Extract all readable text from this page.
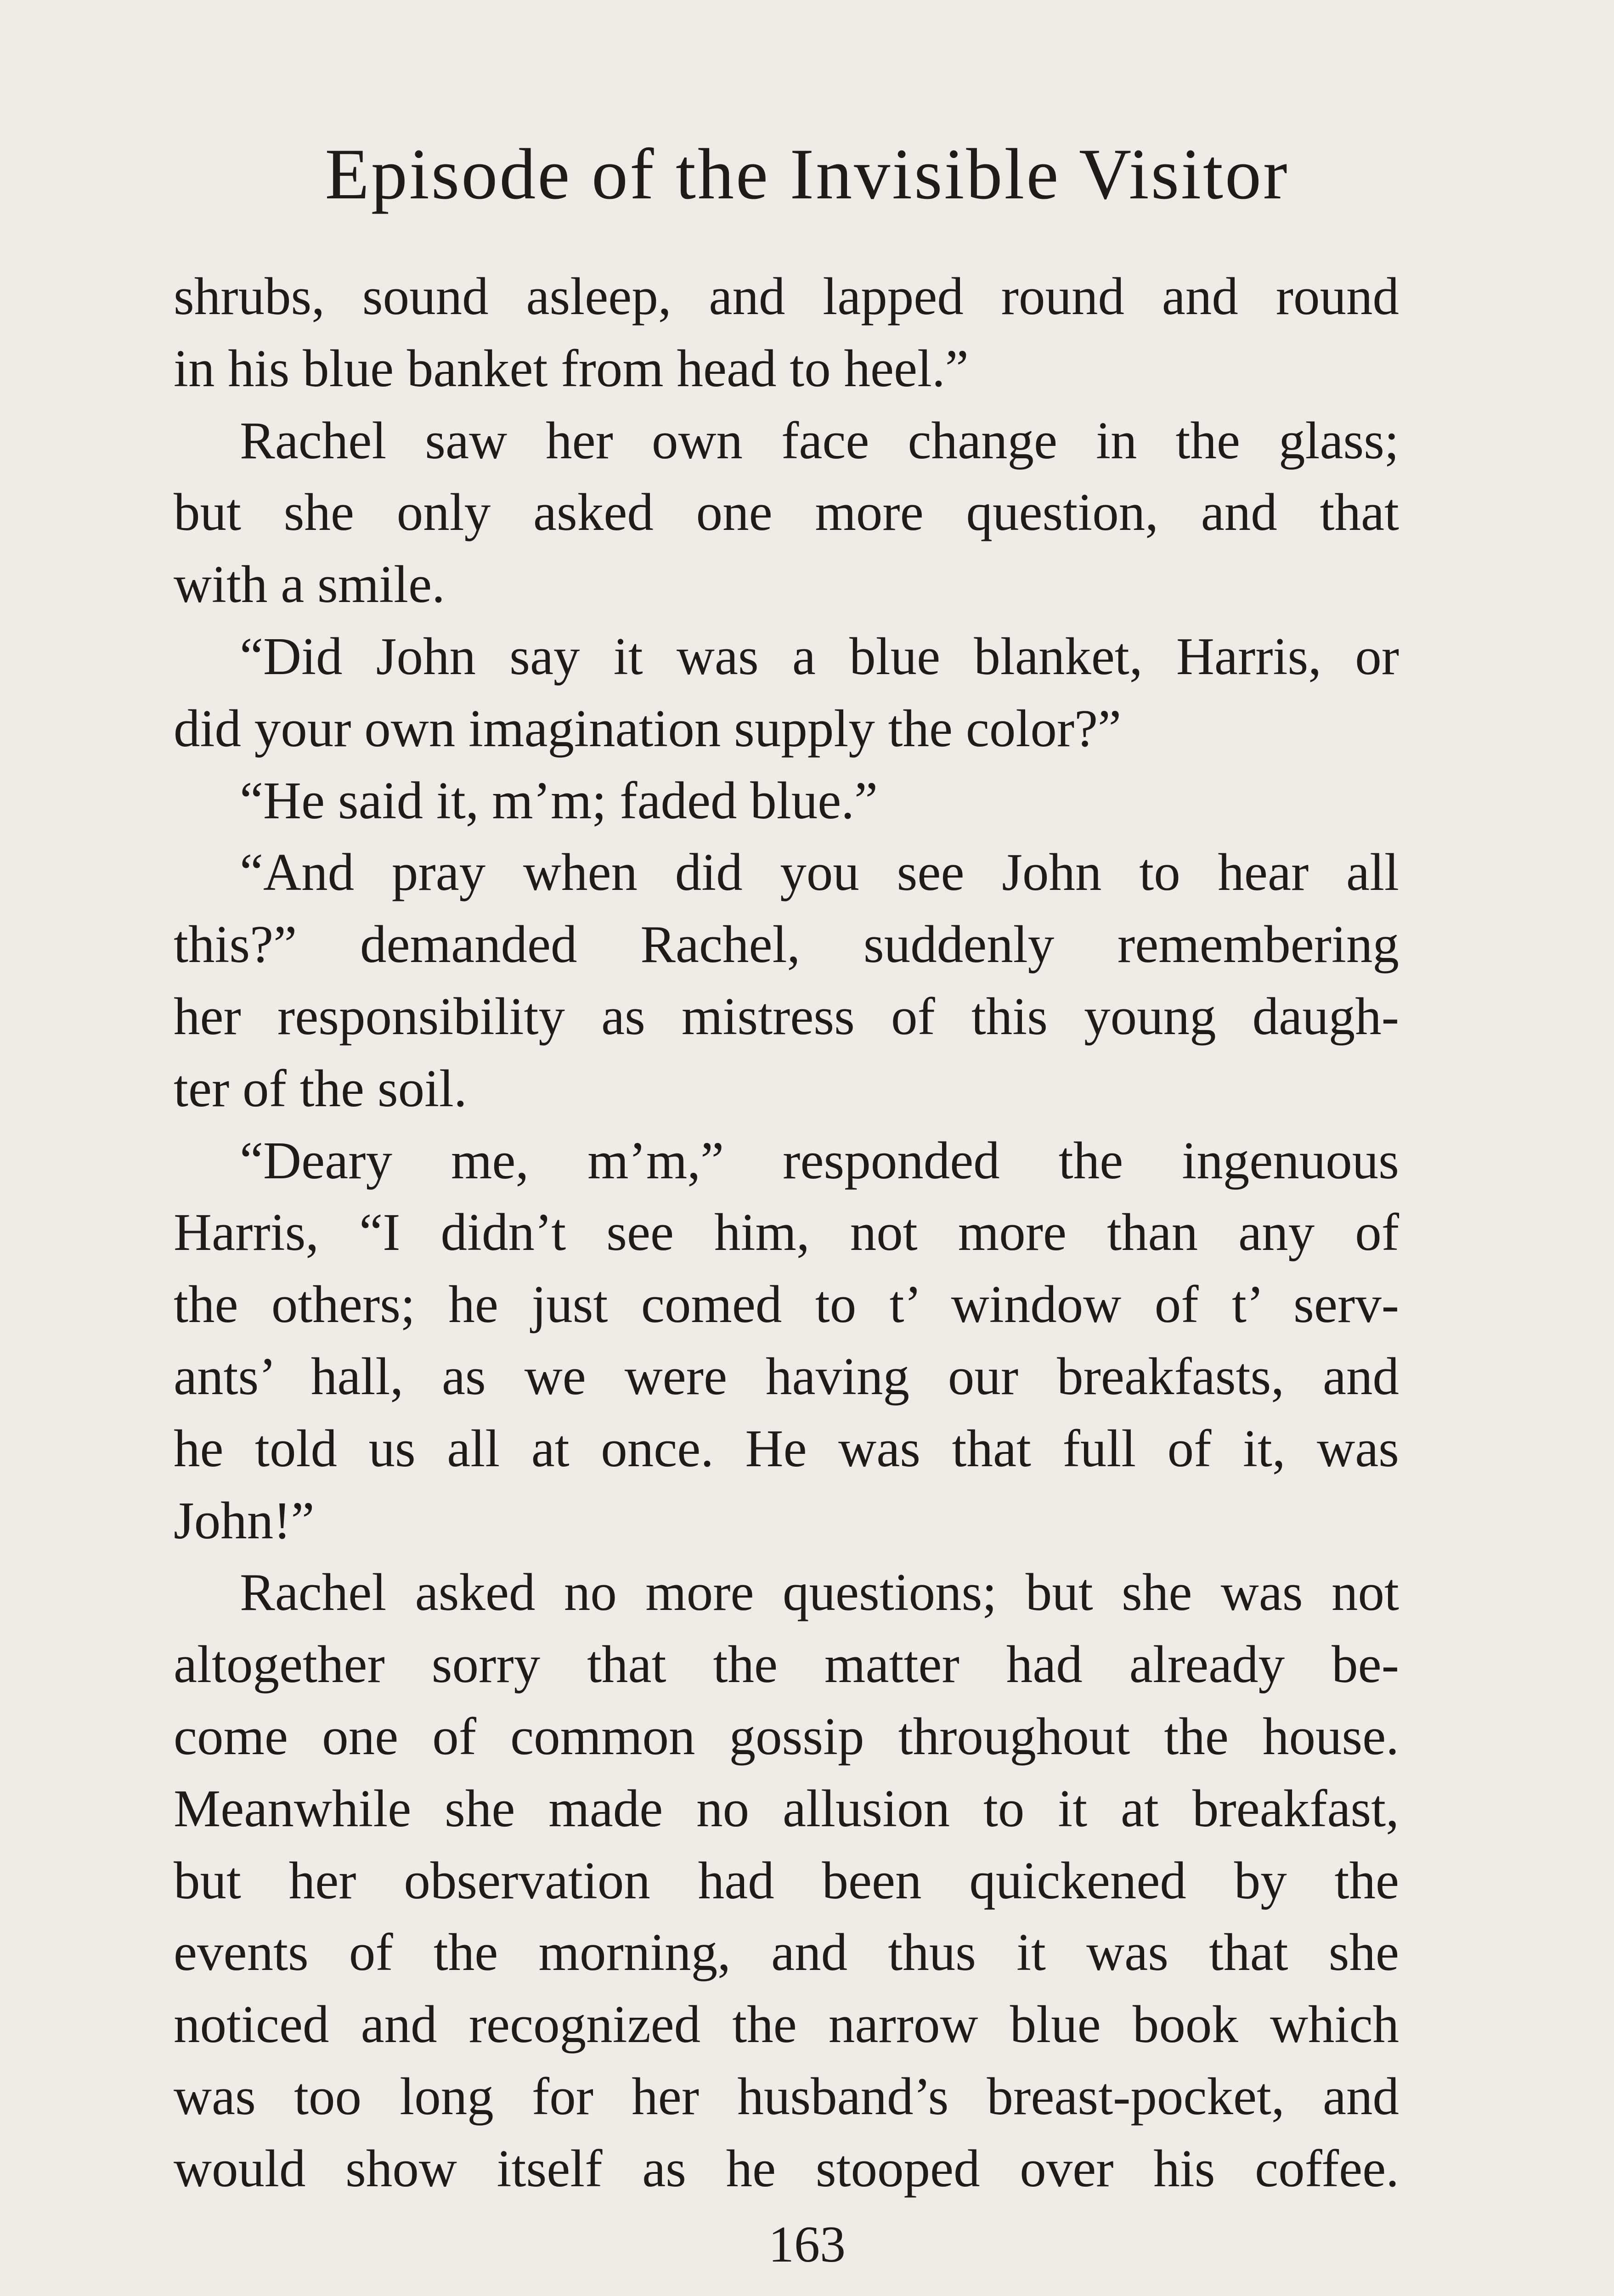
Episode of the Invisible Visitor
shrubs, sound asleep, and lapped round and round
in his blue banket from head to heel.”
Rachel saw her own face change in the glass;
but she only asked one more question, and that
with a smile.
“Did John say it was a blue blanket, Harris, or
did your own imagination supply the color?”
“He said it, m’m; faded blue.”
“And pray when did you see John to hear all
this?” demanded Rachel, suddenly remembering
her responsibility as mistress of this young daugh-
ter of the soil.
“Deary me, m’m,” responded the ingenuous
Harris, “I didn’t see him, not more than any of
the others; he just comed to t’ window of t’ serv-
ants’ hall, as we were having our breakfasts, and
he told us all at once. He was that full of it, was
John!”
Rachel asked no more questions; but she was not
altogether sorry that the matter had already be-
come one of common gossip throughout the house.
Meanwhile she made no allusion to it at breakfast,
but her observation had been quickened by the
events of the morning, and thus it was that she
noticed and recognized the narrow blue book which
was too long for her husband’s breast-pocket, and
would show itself as he stooped over his coffee.
163
